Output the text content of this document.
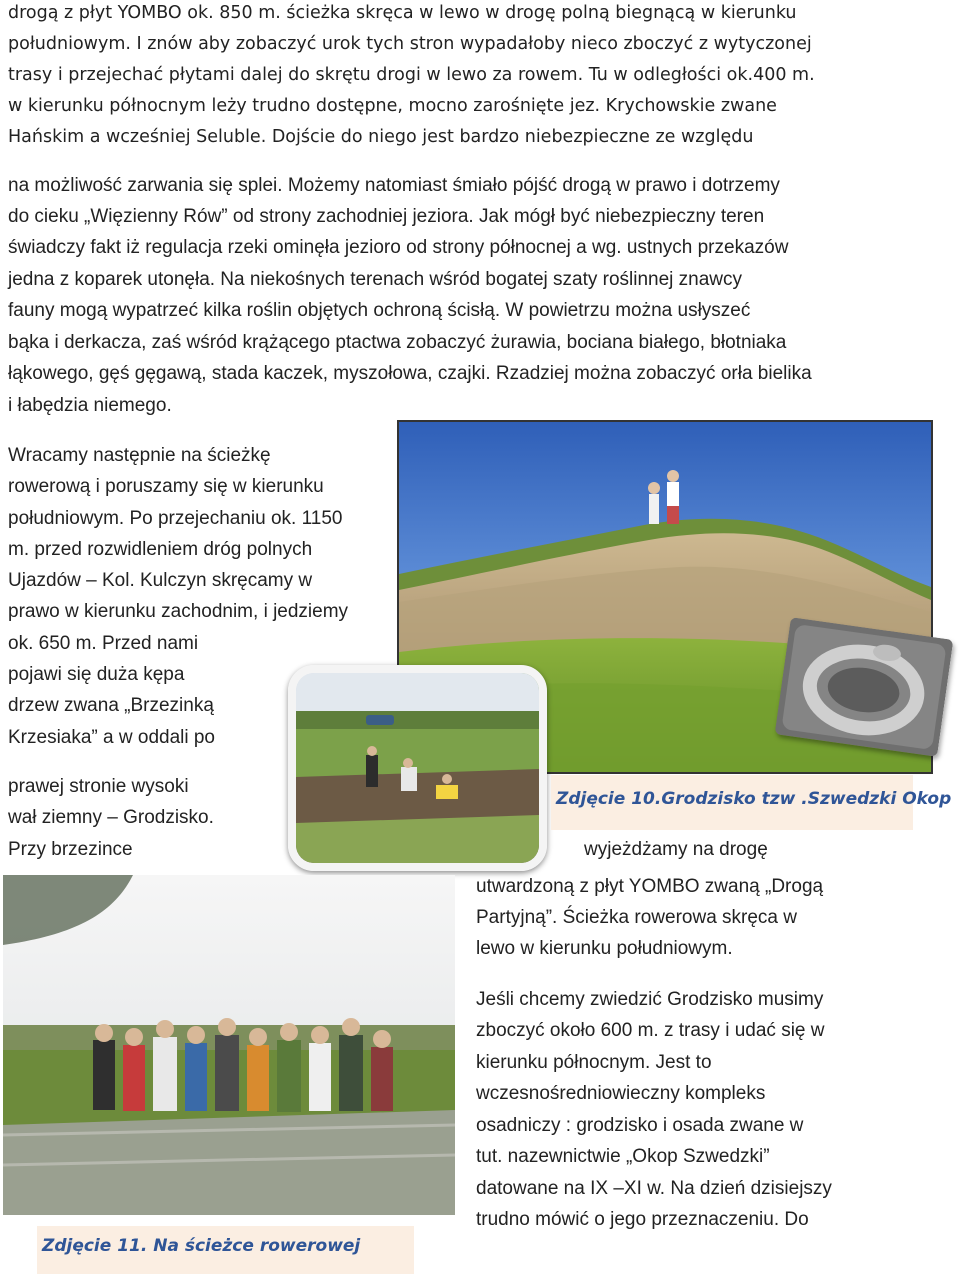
drogą z płyt YOMBO ok. 850 m. ścieżka skręca w lewo w drogę polną biegnącą w kierunku
południowym. I znów aby zobaczyć urok tych stron wypadałoby nieco zboczyć z wytyczonej
trasy i przejechać płytami dalej do skrętu drogi w lewo za rowem. Tu w odległości ok.400 m.
w kierunku północnym leży trudno dostępne, mocno zarośnięte jez. Krychowskie zwane
Hańskim a wcześniej Seluble. Dojście do niego jest bardzo niebezpieczne ze względu
na możliwość zarwania się splei. Możemy natomiast śmiało pójść drogą w prawo i dotrzemy
do cieku „Więzienny Rów” od strony zachodniej jeziora. Jak mógł być niebezpieczny teren
świadczy fakt iż regulacja rzeki ominęła jezioro od strony północnej a wg. ustnych przekazów
jedna z koparek utonęła. Na niekośnych terenach wśród bogatej szaty roślinnej znawcy
fauny mogą wypatrzeć kilka roślin objętych ochroną ścisłą. W powietrzu można usłyszeć
bąka i derkacza, zaś wśród krążącego ptactwa zobaczyć żurawia, bociana białego, błotniaka
łąkowego, gęś gęgawą, stada kaczek, myszołowa, czajki. Rzadziej można zobaczyć orła bielika
i łabędzia niemego.
Wracamy następnie na ścieżkę
rowerową i poruszamy się w kierunku
południowym. Po przejechaniu ok. 1150
m. przed rozwidleniem dróg polnych
Ujazdów – Kol. Kulczyn skręcamy w
prawo w kierunku zachodnim, i jedziemy
ok. 650 m. Przed nami
pojawi się duża kępa
drzew zwana „Brzezinką
Krzesiaka” a w oddali po
prawej stronie wysoki
wał ziemny – Grodzisko.
Przy brzezince
Zdjęcie 10.Grodzisko tzw .Szwedzki Okop
wyjeżdżamy na drogę
utwardzoną z płyt YOMBO zwaną „Drogą
Partyjną”. Ścieżka rowerowa skręca w
lewo w kierunku południowym.
Jeśli chcemy zwiedzić Grodzisko musimy
zboczyć około 600 m. z trasy i udać się w
kierunku północnym. Jest to
wczesnośredniowieczny kompleks
osadniczy : grodzisko i osada zwane w
tut. nazewnictwie „Okop Szwedzki”
datowane na IX –XI w. Na dzień dzisiejszy
trudno mówić o jego przeznaczeniu. Do
Zdjęcie 11. Na ścieżce rowerowej
